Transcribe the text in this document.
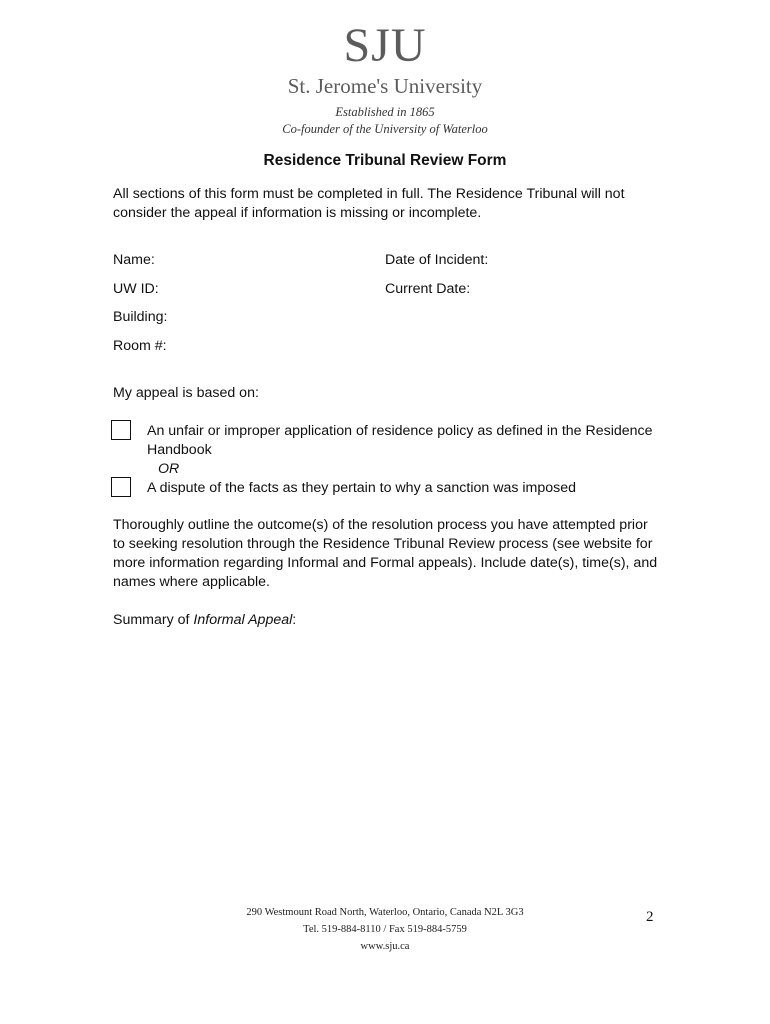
SJU
St. Jerome's University
Established in 1865
Co-founder of the University of Waterloo
Residence Tribunal Review Form
All sections of this form must be completed in full. The Residence Tribunal will not
consider the appeal if information is missing or incomplete.
Name:
UW ID:
Building:
Room #:
Date of Incident:
Current Date:
My appeal is based on:
An unfair or improper application of residence policy as defined in the Residence
Handbook
OR
A dispute of the facts as they pertain to why a sanction was imposed
Thoroughly outline the outcome(s) of the resolution process you have attempted prior
to seeking resolution through the Residence Tribunal Review process (see website for
more information regarding Informal and Formal appeals). Include date(s), time(s), and
names where applicable.
Summary of Informal Appeal:
290 Westmount Road North, Waterloo, Ontario, Canada N2L 3G3
Tel. 519-884-8110 / Fax 519-884-5759
www.sju.ca
2
